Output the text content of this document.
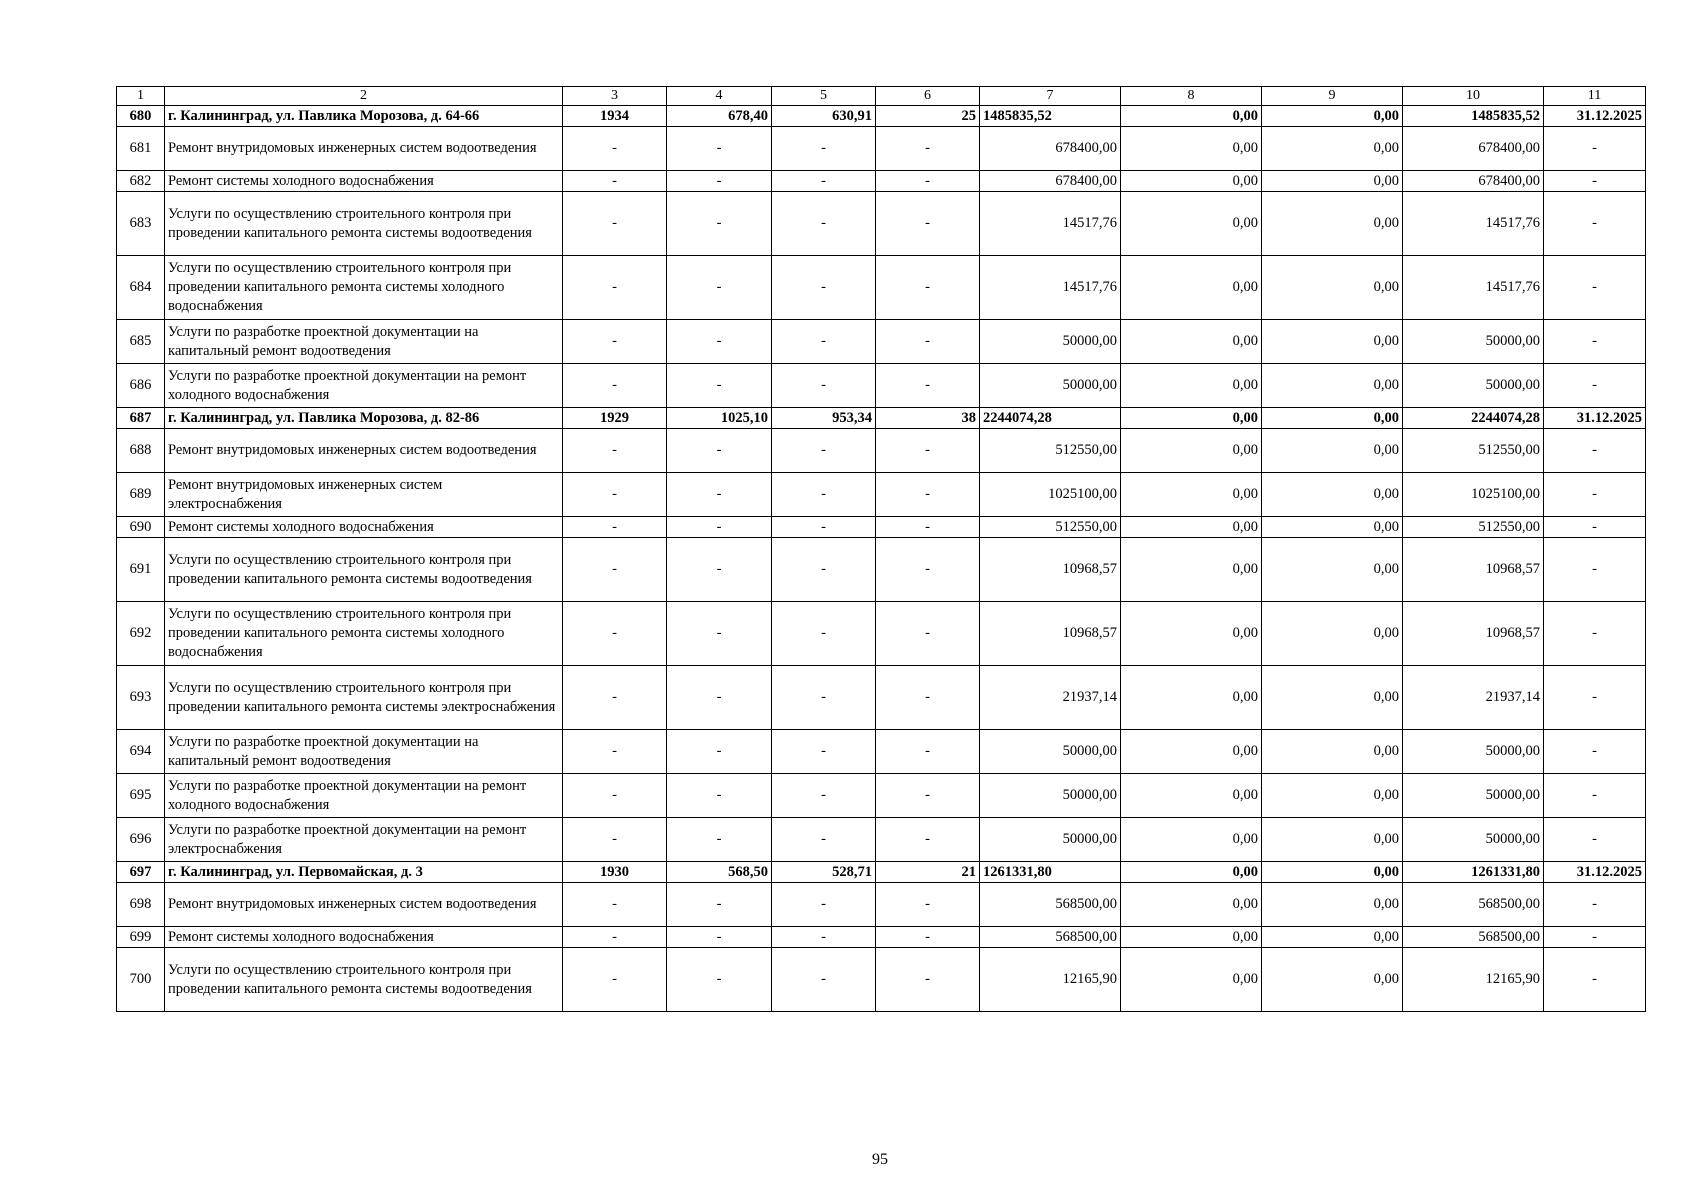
1	2	3	4	5	6	7	8	9	10	11
680	г. Калининград, ул. Павлика Морозова, д. 64-66	1934	678,40	630,91	25	1485835,52	0,00	0,00	1485835,52	31.12.2025
681	Ремонт внутридомовых инженерных систем водоотведения	-	-	-	-	678400,00	0,00	0,00	678400,00	-
682	Ремонт системы холодного водоснабжения	-	-	-	-	678400,00	0,00	0,00	678400,00	-
683	Услуги по осуществлению строительного контроля при проведении капитального ремонта системы водоотведения	-	-	-	-	14517,76	0,00	0,00	14517,76	-
684	Услуги по осуществлению строительного контроля при проведении капитального ремонта системы холодного водоснабжения	-	-	-	-	14517,76	0,00	0,00	14517,76	-
685	Услуги по разработке проектной документации на капитальный ремонт водоотведения	-	-	-	-	50000,00	0,00	0,00	50000,00	-
686	Услуги по разработке проектной документации на ремонт холодного водоснабжения	-	-	-	-	50000,00	0,00	0,00	50000,00	-
687	г. Калининград, ул. Павлика Морозова, д. 82-86	1929	1025,10	953,34	38	2244074,28	0,00	0,00	2244074,28	31.12.2025
688	Ремонт внутридомовых инженерных систем водоотведения	-	-	-	-	512550,00	0,00	0,00	512550,00	-
689	Ремонт внутридомовых инженерных систем электроснабжения	-	-	-	-	1025100,00	0,00	0,00	1025100,00	-
690	Ремонт системы холодного водоснабжения	-	-	-	-	512550,00	0,00	0,00	512550,00	-
691	Услуги по осуществлению строительного контроля при проведении капитального ремонта системы водоотведения	-	-	-	-	10968,57	0,00	0,00	10968,57	-
692	Услуги по осуществлению строительного контроля при проведении капитального ремонта системы холодного водоснабжения	-	-	-	-	10968,57	0,00	0,00	10968,57	-
693	Услуги по осуществлению строительного контроля при проведении капитального ремонта системы электроснабжения	-	-	-	-	21937,14	0,00	0,00	21937,14	-
694	Услуги по разработке проектной документации на капитальный ремонт водоотведения	-	-	-	-	50000,00	0,00	0,00	50000,00	-
695	Услуги по разработке проектной документации на ремонт холодного водоснабжения	-	-	-	-	50000,00	0,00	0,00	50000,00	-
696	Услуги по разработке проектной документации на ремонт электроснабжения	-	-	-	-	50000,00	0,00	0,00	50000,00	-
697	г. Калининград, ул. Первомайская, д. 3	1930	568,50	528,71	21	1261331,80	0,00	0,00	1261331,80	31.12.2025
698	Ремонт внутридомовых инженерных систем водоотведения	-	-	-	-	568500,00	0,00	0,00	568500,00	-
699	Ремонт системы холодного водоснабжения	-	-	-	-	568500,00	0,00	0,00	568500,00	-
700	Услуги по осуществлению строительного контроля при проведении капитального ремонта системы водоотведения	-	-	-	-	12165,90	0,00	0,00	12165,90	-
95
